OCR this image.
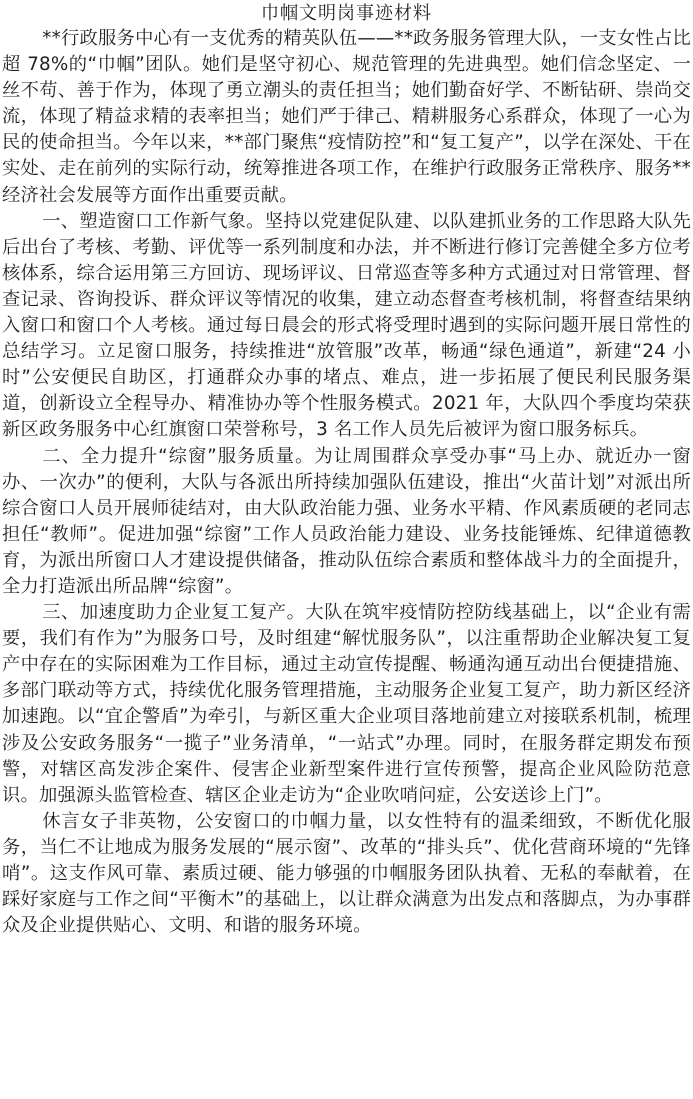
巾帼文明岗事迹材料

**行政服务中心有一支优秀的精英队伍——**政务服务管理大队，一支女性占比超 78%的“巾帼”团队。她们是坚守初心、规范管理的先进典型。她们信念坚定、一丝不苟、善于作为，体现了勇立潮头的责任担当；她们勤奋好学、不断钻研、崇尚交流，体现了精益求精的表率担当；她们严于律己、精耕服务心系群众，体现了一心为民的使命担当。今年以来，**部门聚焦“疫情防控”和“复工复产”，以学在深处、干在实处、走在前列的实际行动，统筹推进各项工作，在维护行政服务正常秩序、服务**经济社会发展等方面作出重要贡献。

一、塑造窗口工作新气象。坚持以党建促队建、以队建抓业务的工作思路大队先后出台了考核、考勤、评优等一系列制度和办法，并不断进行修订完善健全多方位考核体系，综合运用第三方回访、现场评议、日常巡查等多种方式通过对日常管理、督查记录、咨询投诉、群众评议等情况的收集，建立动态督查考核机制，将督查结果纳入窗口和窗口个人考核。通过每日晨会的形式将受理时遇到的实际问题开展日常性的总结学习。立足窗口服务，持续推进“放管服”改革，畅通“绿色通道”，新建“24 小时”公安便民自助区，打通群众办事的堵点、难点，进一步拓展了便民利民服务渠道，创新设立全程导办、精准协办等个性服务模式。2021 年，大队四个季度均荣获新区政务服务中心红旗窗口荣誉称号，3 名工作人员先后被评为窗口服务标兵。

二、全力提升“综窗”服务质量。为让周围群众享受办事“马上办、就近办一窗办、一次办”的便利，大队与各派出所持续加强队伍建设，推出“火苗计划”对派出所综合窗口人员开展师徒结对，由大队政治能力强、业务水平精、作风素质硬的老同志担任“教师”。促进加强“综窗”工作人员政治能力建设、业务技能锤炼、纪律道德教育，为派出所窗口人才建设提供储备，推动队伍综合素质和整体战斗力的全面提升，全力打造派出所品牌“综窗”。

三、加速度助力企业复工复产。大队在筑牢疫情防控防线基础上，以“企业有需要，我们有作为”为服务口号，及时组建“解忧服务队”，以注重帮助企业解决复工复产中存在的实际困难为工作目标，通过主动宣传提醒、畅通沟通互动出台便捷措施、多部门联动等方式，持续优化服务管理措施，主动服务企业复工复产，助力新区经济加速跑。以“宜企警盾”为牵引，与新区重大企业项目落地前建立对接联系机制，梳理涉及公安政务服务“一揽子”业务清单，“一站式”办理。同时，在服务群定期发布预警，对辖区高发涉企案件、侵害企业新型案件进行宣传预警，提高企业风险防范意识。加强源头监管检查、辖区企业走访为“企业吹哨问症，公安送诊上门”。

休言女子非英物，公安窗口的巾帼力量，以女性特有的温柔细致，不断优化服务，当仁不让地成为服务发展的“展示窗”、改革的“排头兵”、优化营商环境的“先锋哨”。这支作风可靠、素质过硬、能力够强的巾帼服务团队执着、无私的奉献着，在踩好家庭与工作之间“平衡木”的基础上，以让群众满意为出发点和落脚点，为办事群众及企业提供贴心、文明、和谐的服务环境。
